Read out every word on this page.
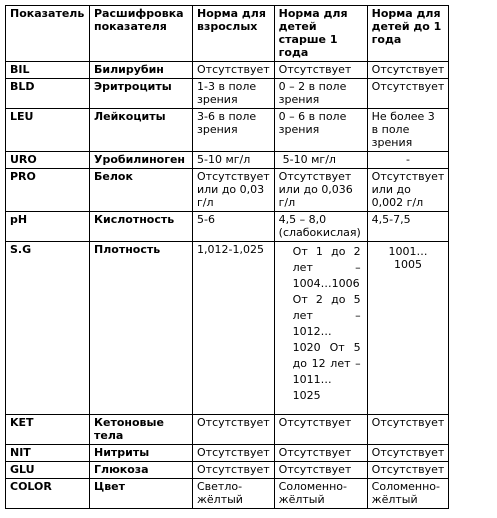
Показатель	Расшифровка показателя	Норма для взрослых	Норма для детей старше 1 года	Норма для детей до 1 года
BIL	Билирубин	Отсутствует	Отсутствует	Отсутствует
BLD	Эритроциты	1-3 в поле зрения	0 – 2 в поле зрения	Отсутствует
LEU	Лейкоциты	3-6 в поле зрения	0 – 6 в поле зрения	Не более 3 в поле зрения
URO	Уробилиноген	5-10 мг/л	5-10 мг/л	-
PRO	Белок	Отсутствует или до 0,03 г/л	Отсутствует или до 0,036 г/л	Отсутствует или до 0,002 г/л
pH	Кислотность	5-6	4,5 – 8,0 (слабокислая)	4,5-7,5
S.G	Плотность	1,012-1,025	От 1 до 2 лет – 1004…1006 От 2 до 5 лет – 1012… 1020 От 5 до 12 лет – 1011… 1025	1001… 1005

KET	Кетоновые тела	Отсутствует	Отсутствует	Отсутствует
NIT	Нитриты	Отсутствует	Отсутствует	Отсутствует
GLU	Глюкоза	Отсутствует	Отсутствует	Отсутствует
COLOR	Цвет	Светло-жёлтый	Соломенно-жёлтый	Соломенно-жёлтый
